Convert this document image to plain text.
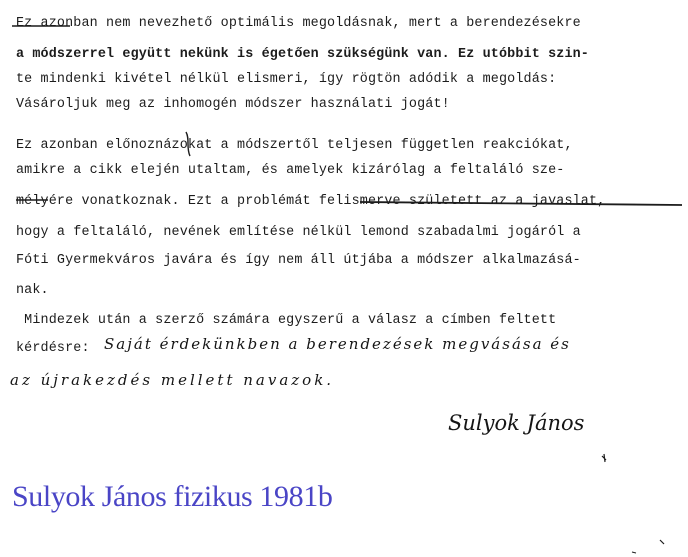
Ez azonban nem nevezhető optimális megoldásnak, mert a berendezésekre
a módszerrel együtt nekünk is égetően szükségünk van. Ez utóbbit szin-
te mindenki kivétel nélkül elismeri, így rögtön adódik a megoldás:
Vásároljuk meg az inhomogén módszer használati jogát!
Ez azonban előnoznázokat a módszertől teljesen független reakciókat,
amikre a cikk elején utaltam, és amelyek kizárólag a feltaláló sze-
mélyére vonatkoznak. Ezt a problémát felismerve született az a javaslat,
hogy a feltaláló, nevének említése nélkül lemond szabadalmi jogáról a
Fóti Gyermekváros javára és így nem áll útjába a módszer alkalmazásá-
nak.
Mindezek után a szerző számára egyszerű a válasz a címben feltett
kérdésre: Saját érdekünkben a berendezések megvásása és
az újrakezdés mellett navazok.
Sulyok János
Sulyok János fizikus 1981b
